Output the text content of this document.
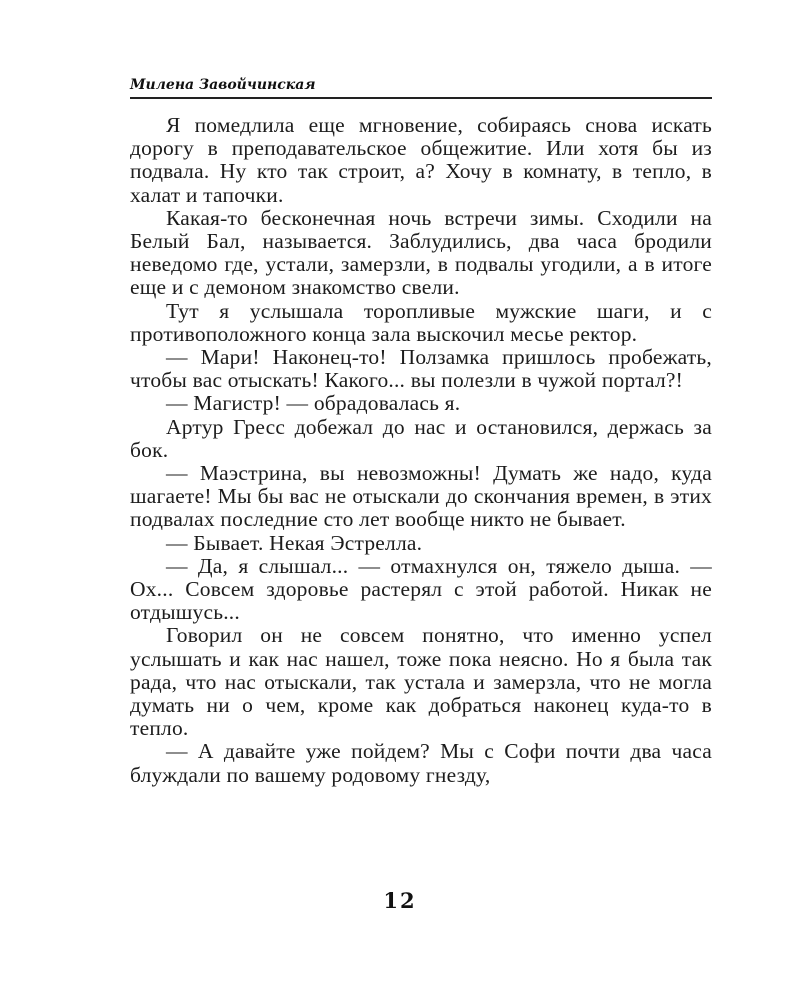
Милена Завойчинская

Я помедлила еще мгновение, собираясь снова искать дорогу в преподавательское общежитие. Или хотя бы из подвала. Ну кто так строит, а? Хочу в комнату, в тепло, в халат и тапочки.

Какая-то бесконечная ночь встречи зимы. Сходили на Белый Бал, называется. Заблудились, два часа бродили неведомо где, устали, замерзли, в подвалы угодили, а в итоге еще и с демоном знакомство свели.

Тут я услышала торопливые мужские шаги, и с противоположного конца зала выскочил месье ректор.

— Мари! Наконец-то! Ползамка пришлось пробежать, чтобы вас отыскать! Какого... вы полезли в чужой портал?!

— Магистр! — обрадовалась я.

Артур Гресс добежал до нас и остановился, держась за бок.

— Маэстрина, вы невозможны! Думать же надо, куда шагаете! Мы бы вас не отыскали до скончания времен, в этих подвалах последние сто лет вообще никто не бывает.

— Бывает. Некая Эстрелла.

— Да, я слышал... — отмахнулся он, тяжело дыша. — Ох... Совсем здоровье растерял с этой работой. Никак не отдышусь...

Говорил он не совсем понятно, что именно успел услышать и как нас нашел, тоже пока неясно. Но я была так рада, что нас отыскали, так устала и замерзла, что не могла думать ни о чем, кроме как добраться наконец куда-то в тепло.

— А давайте уже пойдем? Мы с Софи почти два часа блуждали по вашему родовому гнезду,

12
